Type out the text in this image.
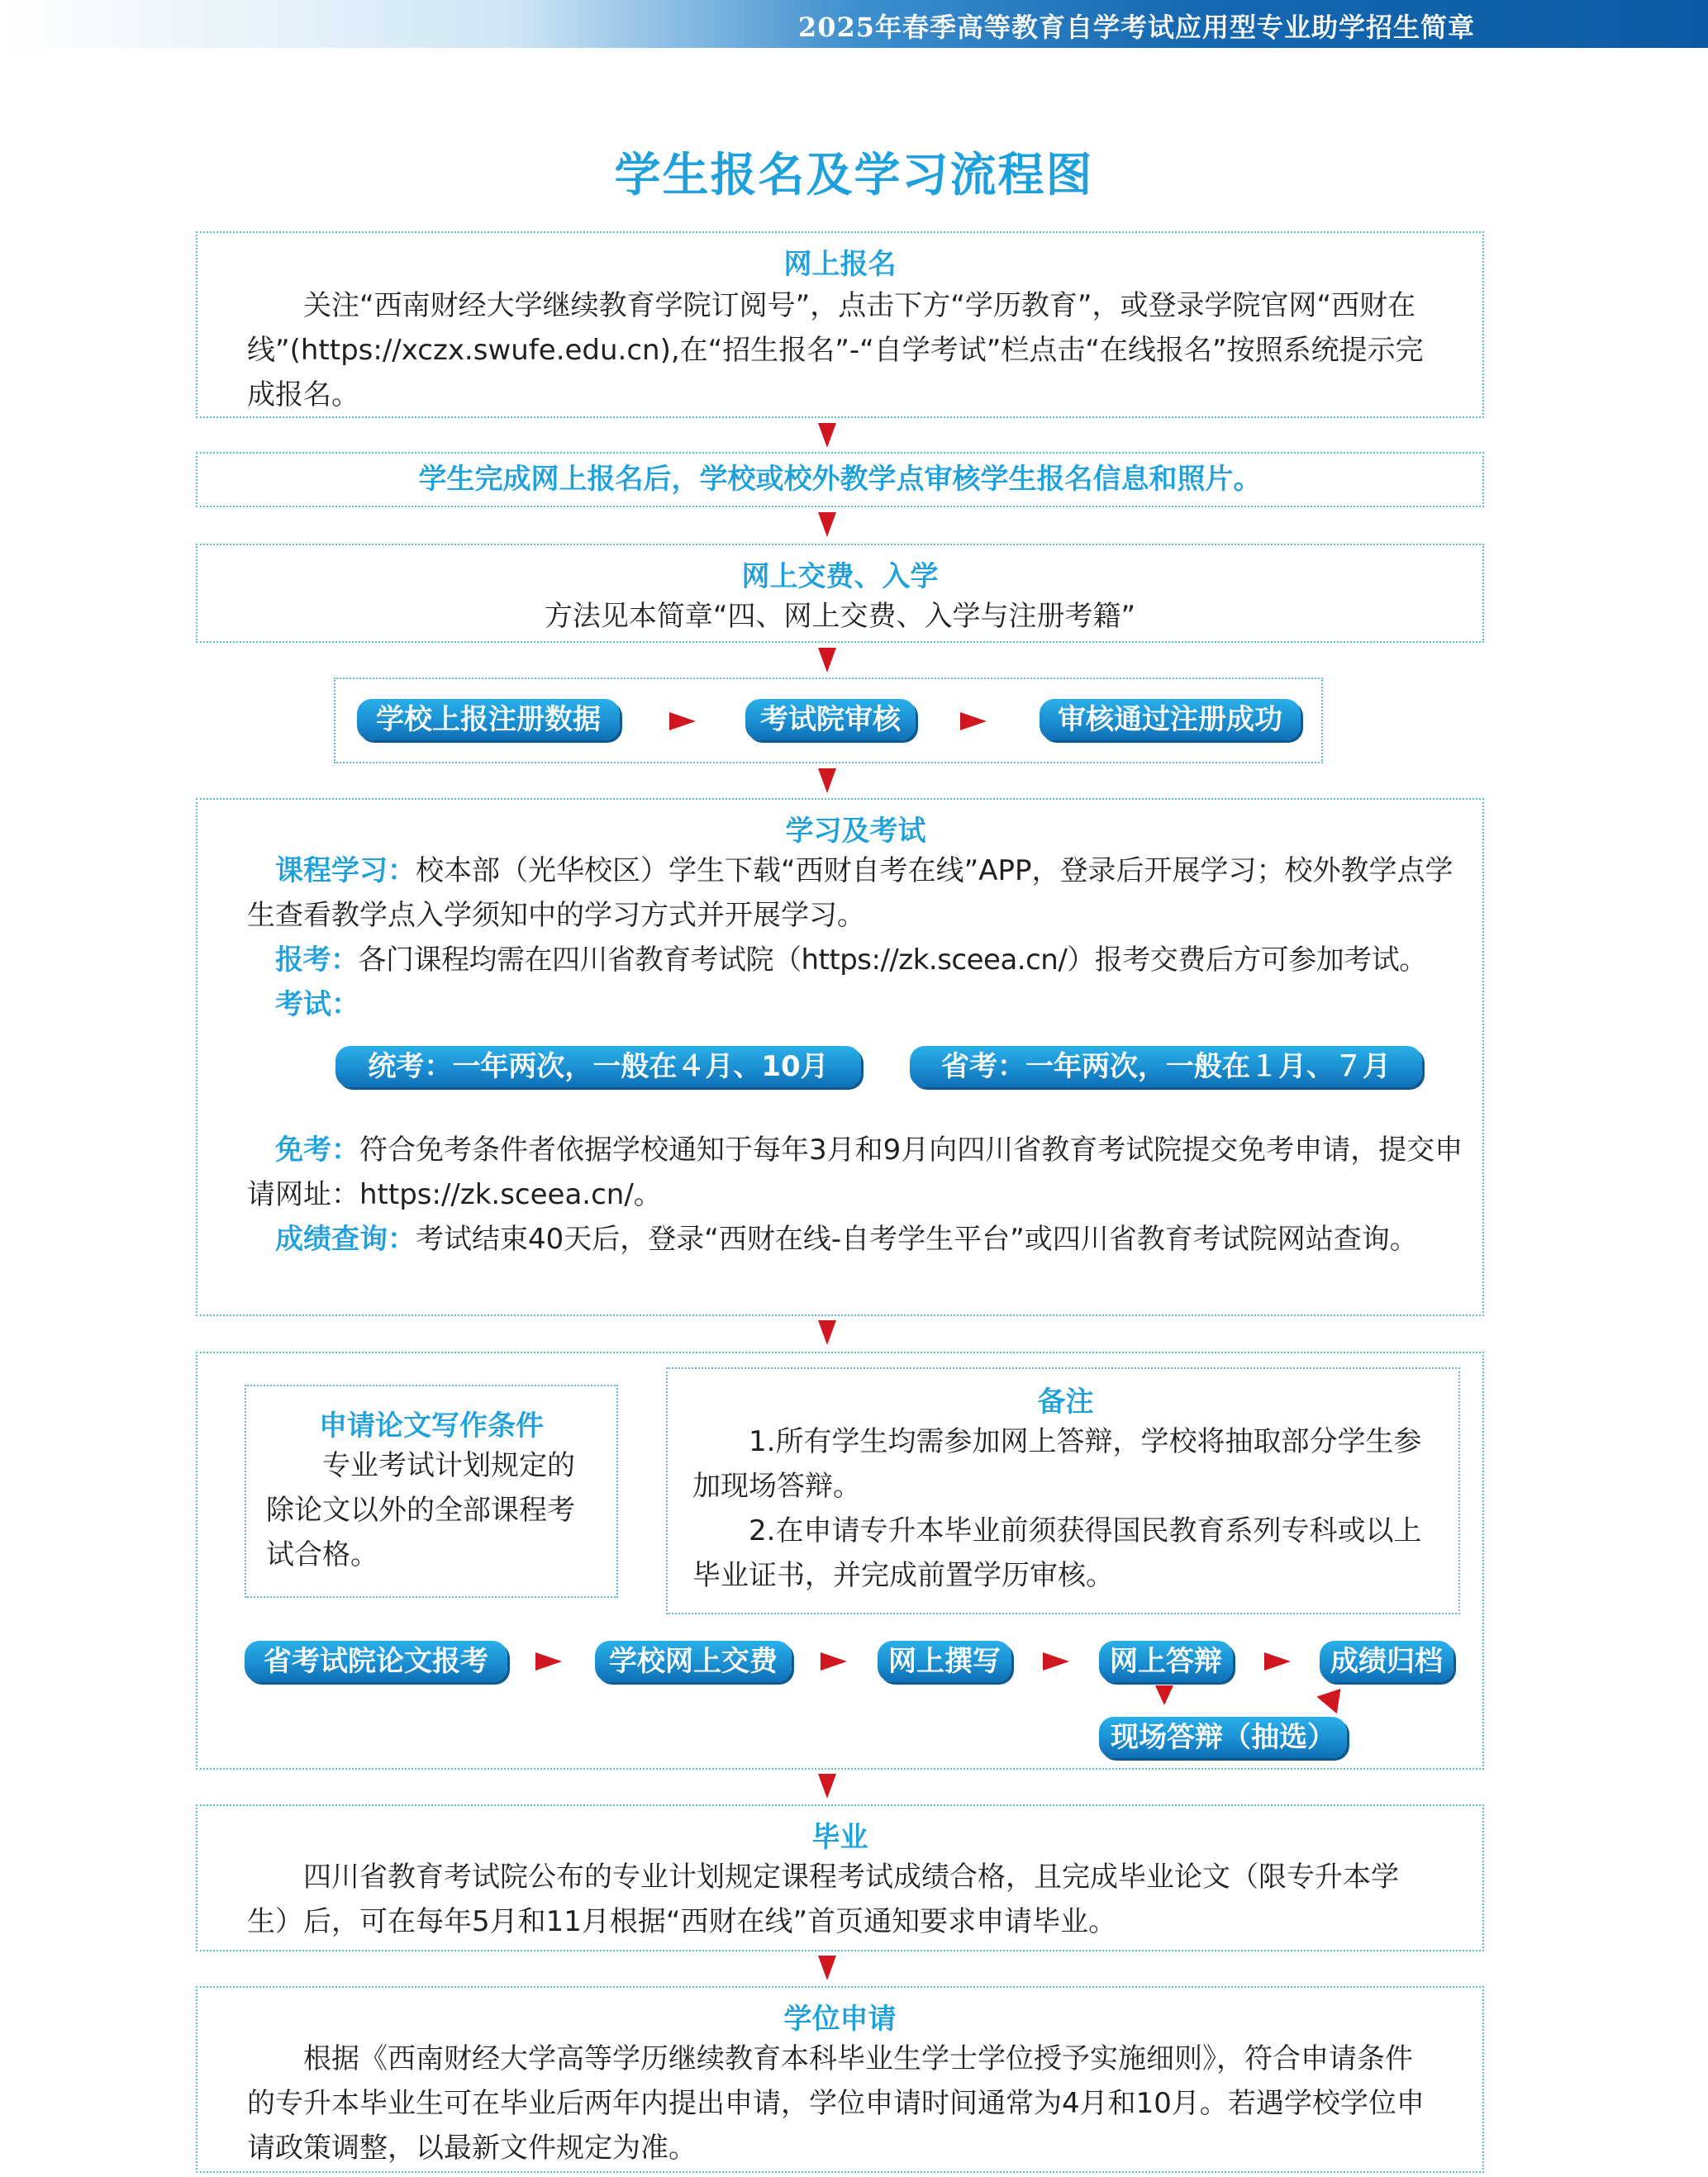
2025年春季高等教育自学考试应用型专业助学招生简章
学生报名及学习流程图

网上报名

关注“西南财经大学继续教育学院订阅号”，点击下方“学历教育”，或登录学院官网“西财在线”(https://xczx.swufe.edu.cn),在“招生报名”-“自学考试”栏点击“在线报名”按照系统提示完成报名。

学生完成网上报名后，学校或校外教学点审核学生报名信息和照片。

网上交费、入学

方法见本简章“四、网上交费、入学与注册考籍”

学校上报注册数据	考试院审核	审核通过注册成功

学习及考试

课程学习：校本部（光华校区）学生下载“西财自考在线”APP，登录后开展学习；校外教学点学生查看教学点入学须知中的学习方式并开展学习。

报考：各门课程均需在四川省教育考试院（https://zk.sceea.cn/）报考交费后方可参加考试。

考试：

免考：符合免考条件者依据学校通知于每年3月和9月向四川省教育考试院提交免考申请，提交申请网址：https://zk.sceea.cn/。

成绩查询：考试结束40天后，登录“西财在线-自考学生平台”或四川省教育考试院网站查询。

统考：一年两次，一般在４月、10月	省考：一年两次，一般在１月、７月

申请论文写作条件

专业考试计划规定的除论文以外的全部课程考试合格。

备注

1.所有学生均需参加网上答辩，学校将抽取部分学生参加现场答辩。

2.在申请专升本毕业前须获得国民教育系列专科或以上毕业证书，并完成前置学历审核。

省考试院论文报考	学校网上交费	网上撰写	网上答辩	成绩归档
现场答辩（抽选）

毕业

四川省教育考试院公布的专业计划规定课程考试成绩合格，且完成毕业论文（限专升本学生）后，可在每年5月和11月根据“西财在线”首页通知要求申请毕业。

学位申请

根据《西南财经大学高等学历继续教育本科毕业生学士学位授予实施细则》，符合申请条件的专升本毕业生可在毕业后两年内提出申请，学位申请时间通常为4月和10月。若遇学校学位申请政策调整，以最新文件规定为准。
